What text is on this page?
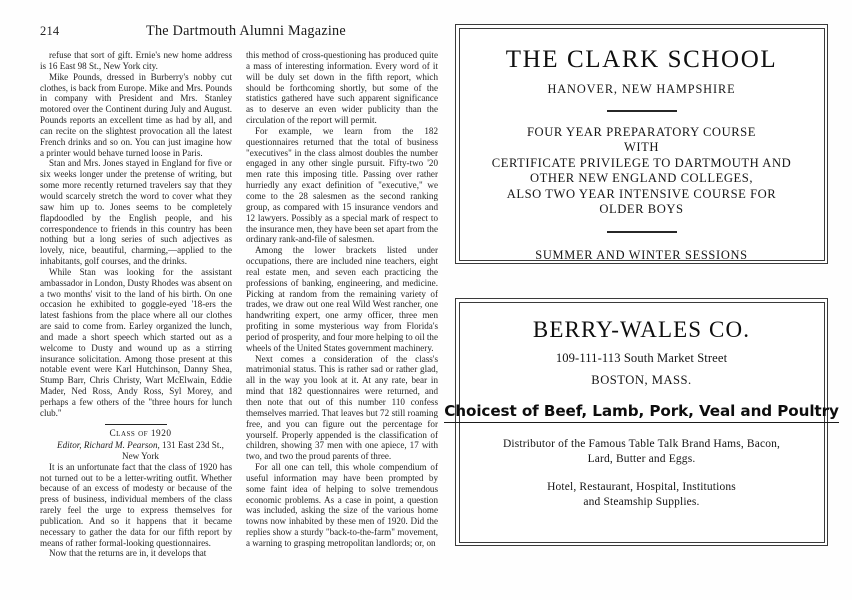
214	The Dartmouth Alumni Magazine

refuse that sort of gift. Ernie's new home address is 16 East 98 St., New York city.

Mike Pounds, dressed in Burberry's nobby cut clothes, is back from Europe. Mike and Mrs. Pounds in company with President and Mrs. Stanley motored over the Continent during July and August. Pounds reports an excellent time as had by all, and can recite on the slightest provocation all the latest French drinks and so on. You can just imagine how a printer would behave turned loose in Paris.

Stan and Mrs. Jones stayed in England for five or six weeks longer under the pretense of writing, but some more recently returned travelers say that they would scarcely stretch the word to cover what they saw him up to. Jones seems to be completely flapdoodled by the English people, and his correspondence to friends in this country has been nothing but a long series of such adjectives as lovely, nice, beautiful, charming,—applied to the inhabitants, golf courses, and the drinks.

While Stan was looking for the assistant ambassador in London, Dusty Rhodes was absent on a two months' visit to the land of his birth. On one occasion he exhibited to goggle-eyed '18-ers the latest fashions from the place where all our clothes are said to come from. Earley organized the lunch, and made a short speech which started out as a welcome to Dusty and wound up as a stirring insurance solicitation. Among those present at this notable event were Karl Hutchinson, Danny Shea, Stump Barr, Chris Christy, Wart McElwain, Eddie Mader, Ned Ross, Andy Ross, Syl Morey, and perhaps a few others of the "three hours for lunch club."

Class of 1920

Editor, Richard M. Pearson, 131 East 23d St.,

New York

It is an unfortunate fact that the class of 1920 has not turned out to be a letter-writing outfit. Whether because of an excess of modesty or because of the press of business, individual members of the class rarely feel the urge to express themselves for publication. And so it happens that it became necessary to gather the data for our fifth report by means of rather formal-looking questionnaires.

Now that the returns are in, it develops that

this method of cross-questioning has produced quite a mass of interesting information. Every word of it will be duly set down in the fifth report, which should be forthcoming shortly, but some of the statistics gathered have such apparent significance as to deserve an even wider publicity than the circulation of the report will permit.

For example, we learn from the 182 questionnaires returned that the total of business "executives" in the class almost doubles the number engaged in any other single pursuit. Fifty-two '20 men rate this imposing title. Passing over rather hurriedly any exact definition of "executive," we come to the 28 salesmen as the second ranking group, as compared with 15 insurance vendors and 12 lawyers. Possibly as a special mark of respect to the insurance men, they have been set apart from the ordinary rank-and-file of salesmen.

Among the lower brackets listed under occupations, there are included nine teachers, eight real estate men, and seven each practicing the professions of banking, engineering, and medicine. Picking at random from the remaining variety of trades, we draw out one real Wild West rancher, one handwriting expert, one army officer, three men profiting in some mysterious way from Florida's period of prosperity, and four more helping to oil the wheels of the United States government machinery.

Next comes a consideration of the class's matrimonial status. This is rather sad or rather glad, all in the way you look at it. At any rate, bear in mind that 182 questionnaires were returned, and then note that out of this number 110 confess themselves married. That leaves but 72 still roaming free, and you can figure out the percentage for yourself. Properly appended is the classification of children, showing 37 men with one apiece, 17 with two, and two the proud parents of three.

For all one can tell, this whole compendium of useful information may have been prompted by some faint idea of helping to solve tremendous economic problems. As a case in point, a question was included, asking the size of the various home towns now inhabited by these men of 1920. Did the replies show a sturdy "back-to-the-farm" movement, a warning to grasping metropolitan landlords; or, on

THE CLARK SCHOOL
HANOVER, NEW HAMPSHIRE
FOUR YEAR PREPARATORY COURSE
WITH
CERTIFICATE PRIVILEGE TO DARTMOUTH AND
OTHER NEW ENGLAND COLLEGES,
ALSO TWO YEAR INTENSIVE COURSE FOR
OLDER BOYS
SUMMER AND WINTER SESSIONS
BERRY-WALES CO.
109-111-113 South Market Street
BOSTON, MASS.
Choicest of Beef, Lamb, Pork, Veal and Poultry
Distributor of the Famous Table Talk Brand Hams, Bacon,
Lard, Butter and Eggs.
Hotel, Restaurant, Hospital, Institutions
and Steamship Supplies.
